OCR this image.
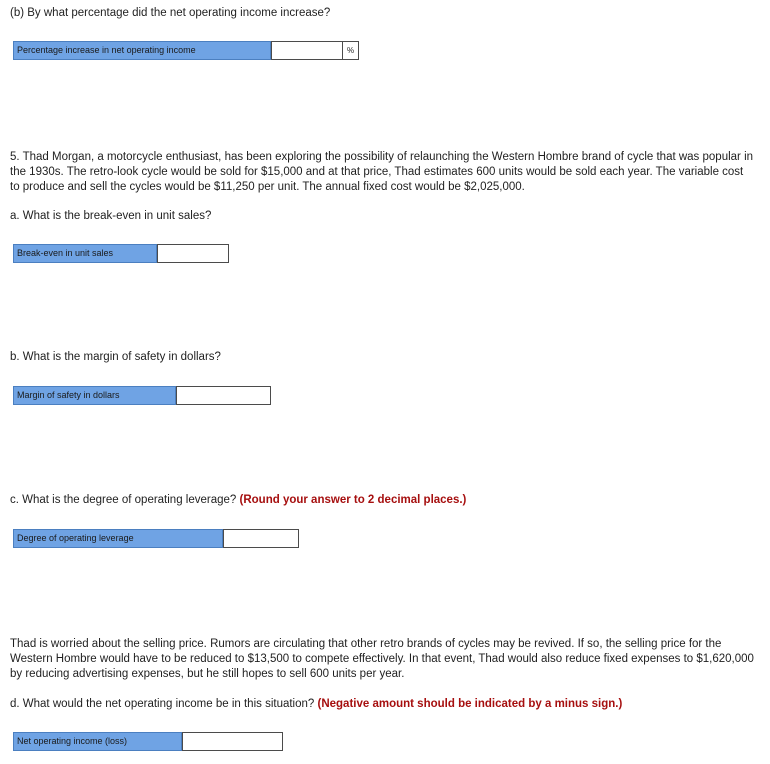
(b) By what percentage did the net operating income increase?

Percentage increase in net operating income	%

5. Thad Morgan, a motorcycle enthusiast, has been exploring the possibility of relaunching the Western Hombre brand of cycle that was popular in the 1930s. The retro-look cycle would be sold for $15,000 and at that price, Thad estimates 600 units would be sold each year. The variable cost to produce and sell the cycles would be $11,250 per unit. The annual fixed cost would be $2,025,000.

a. What is the break-even in unit sales?

Break-even in unit sales

b. What is the margin of safety in dollars?

Margin of safety in dollars

c. What is the degree of operating leverage? (Round your answer to 2 decimal places.)

Degree of operating leverage

Thad is worried about the selling price. Rumors are circulating that other retro brands of cycles may be revived. If so, the selling price for the Western Hombre would have to be reduced to $13,500 to compete effectively. In that event, Thad would also reduce fixed expenses to $1,620,000 by reducing advertising expenses, but he still hopes to sell 600 units per year.

d. What would the net operating income be in this situation? (Negative amount should be indicated by a minus sign.)

Net operating income (loss)
